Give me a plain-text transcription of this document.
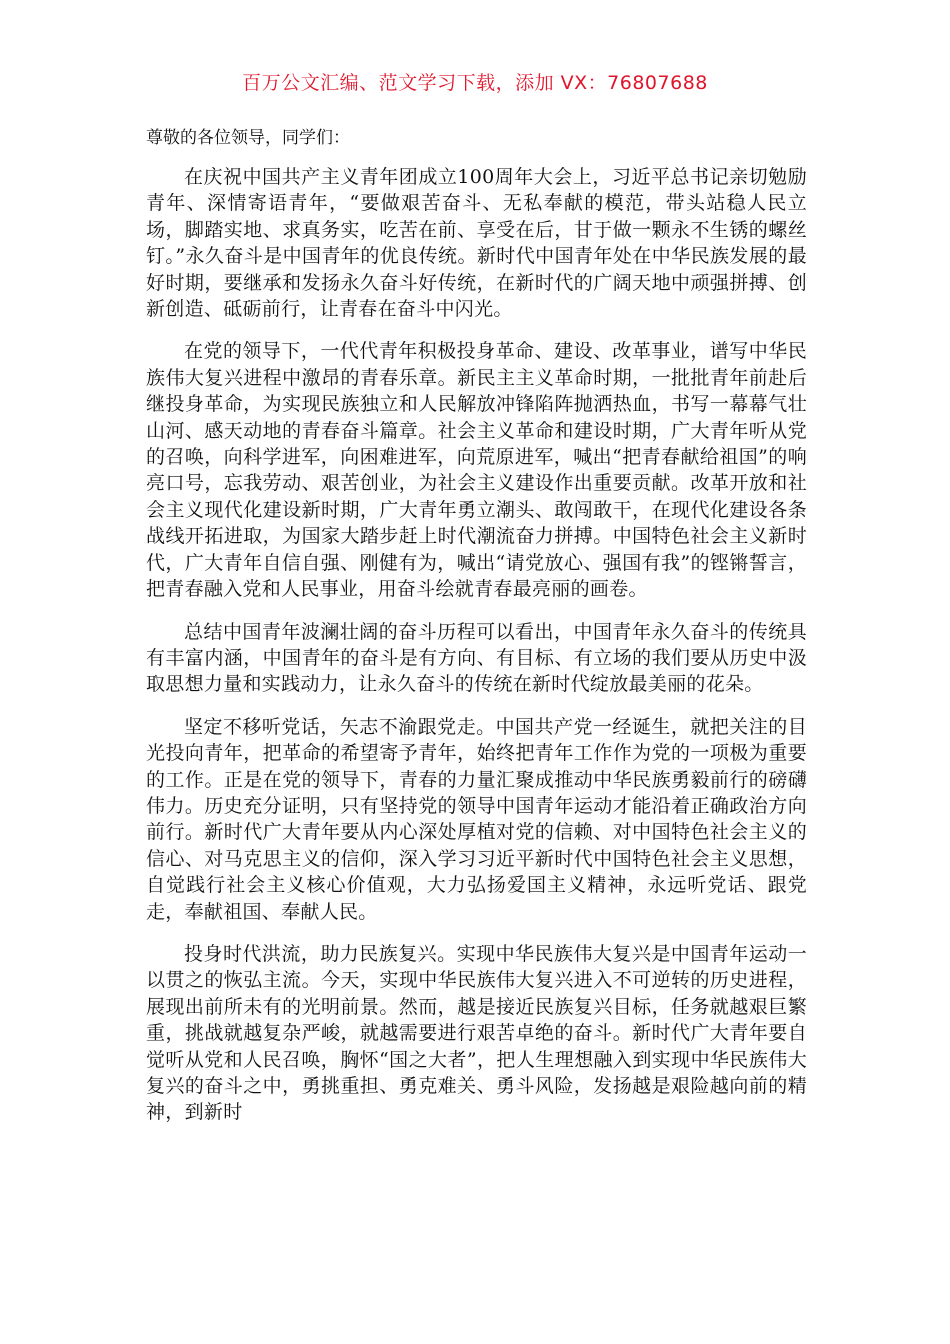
百万公文汇编、范文学习下载，添加 VX：76807688

尊敬的各位领导，同学们：

在庆祝中国共产主义青年团成立100周年大会上，习近平总书记亲切勉励青年、深情寄语青年，“要做艰苦奋斗、无私奉献的模范，带头站稳人民立场，脚踏实地、求真务实，吃苦在前、享受在后，甘于做一颗永不生锈的螺丝钉。”永久奋斗是中国青年的优良传统。新时代中国青年处在中华民族发展的最好时期，要继承和发扬永久奋斗好传统，在新时代的广阔天地中顽强拼搏、创新创造、砥砺前行，让青春在奋斗中闪光。

在党的领导下，一代代青年积极投身革命、建设、改革事业，谱写中华民族伟大复兴进程中激昂的青春乐章。新民主主义革命时期，一批批青年前赴后继投身革命，为实现民族独立和人民解放冲锋陷阵抛洒热血，书写一幕幕气壮山河、感天动地的青春奋斗篇章。社会主义革命和建设时期，广大青年听从党的召唤，向科学进军，向困难进军，向荒原进军，喊出“把青春献给祖国”的响亮口号，忘我劳动、艰苦创业，为社会主义建设作出重要贡献。改革开放和社会主义现代化建设新时期，广大青年勇立潮头、敢闯敢干，在现代化建设各条战线开拓进取，为国家大踏步赶上时代潮流奋力拼搏。中国特色社会主义新时代，广大青年自信自强、刚健有为，喊出“请党放心、强国有我”的铿锵誓言，把青春融入党和人民事业，用奋斗绘就青春最亮丽的画卷。

总结中国青年波澜壮阔的奋斗历程可以看出，中国青年永久奋斗的传统具有丰富内涵，中国青年的奋斗是有方向、有目标、有立场的我们要从历史中汲取思想力量和实践动力，让永久奋斗的传统在新时代绽放最美丽的花朵。

坚定不移听党话，矢志不渝跟党走。中国共产党一经诞生，就把关注的目光投向青年，把革命的希望寄予青年，始终把青年工作作为党的一项极为重要的工作。正是在党的领导下，青春的力量汇聚成推动中华民族勇毅前行的磅礴伟力。历史充分证明，只有坚持党的领导中国青年运动才能沿着正确政治方向前行。新时代广大青年要从内心深处厚植对党的信赖、对中国特色社会主义的信心、对马克思主义的信仰，深入学习习近平新时代中国特色社会主义思想，自觉践行社会主义核心价值观，大力弘扬爱国主义精神，永远听党话、跟党走，奉献祖国、奉献人民。

投身时代洪流，助力民族复兴。实现中华民族伟大复兴是中国青年运动一以贯之的恢弘主流。今天，实现中华民族伟大复兴进入不可逆转的历史进程，展现出前所未有的光明前景。然而，越是接近民族复兴目标，任务就越艰巨繁重，挑战就越复杂严峻，就越需要进行艰苦卓绝的奋斗。新时代广大青年要自觉听从党和人民召唤，胸怀“国之大者”，把人生理想融入到实现中华民族伟大复兴的奋斗之中，勇挑重担、勇克难关、勇斗风险，发扬越是艰险越向前的精神，到新时
